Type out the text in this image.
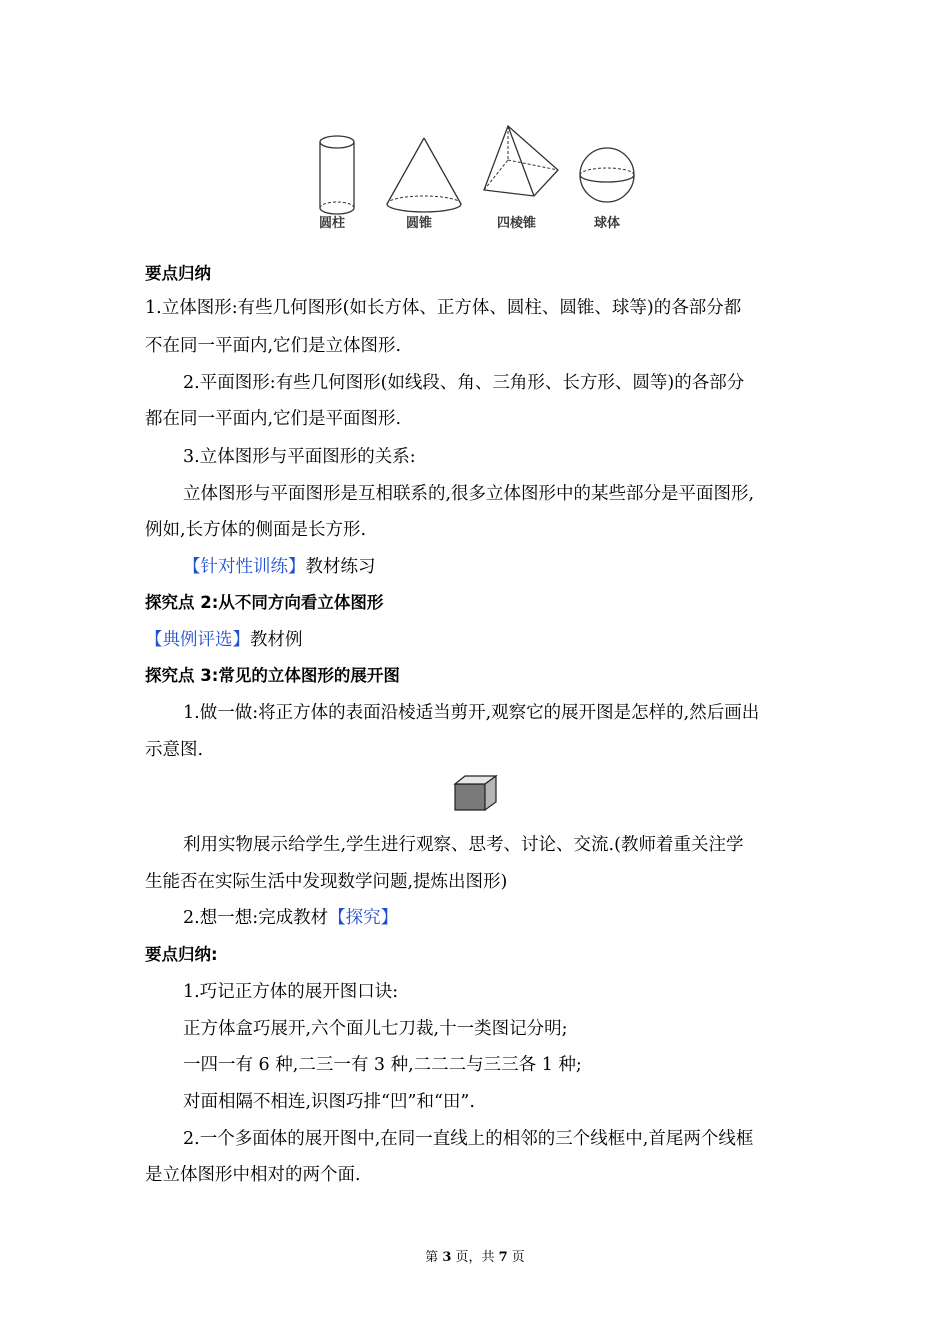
圆柱	圆锥	四棱锥	球体
要点归纳
1.立体图形:有些几何图形(如长方体、正方体、圆柱、圆锥、球等)的各部分都
不在同一平面内,它们是立体图形.
2.平面图形:有些几何图形(如线段、角、三角形、长方形、圆等)的各部分
都在同一平面内,它们是平面图形.
3.立体图形与平面图形的关系:
立体图形与平面图形是互相联系的,很多立体图形中的某些部分是平面图形,
例如,长方体的侧面是长方形.
【针对性训练】教材练习
探究点 2:从不同方向看立体图形
【典例评选】教材例
探究点 3:常见的立体图形的展开图
1.做一做:将正方体的表面沿棱适当剪开,观察它的展开图是怎样的,然后画出
示意图.
利用实物展示给学生,学生进行观察、思考、讨论、交流.(教师着重关注学
生能否在实际生活中发现数学问题,提炼出图形)
2.想一想:完成教材【探究】
要点归纳:
1.巧记正方体的展开图口诀:
正方体盒巧展开,六个面儿七刀裁,十一类图记分明;
一四一有 6 种,二三一有 3 种,二二二与三三各 1 种;
对面相隔不相连,识图巧排“凹”和“田”.
2.一个多面体的展开图中,在同一直线上的相邻的三个线框中,首尾两个线框
是立体图形中相对的两个面.
第 3 页，共 7 页
